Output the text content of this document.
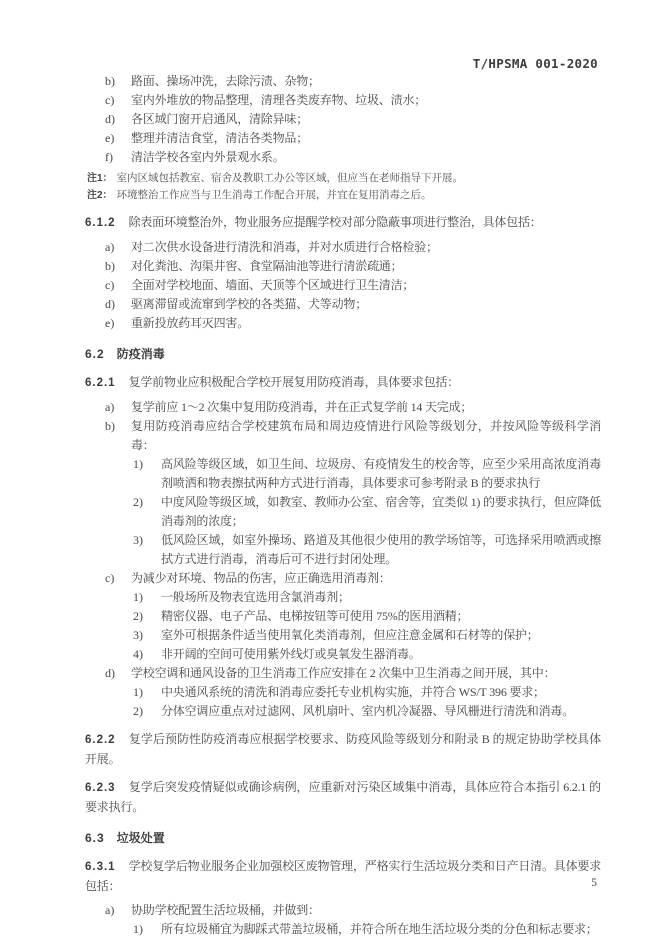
T/HPSMA 001-2020
b)	路面、操场冲洗，去除污渍、杂物；
c)	室内外堆放的物品整理，清理各类废弃物、垃圾、渍水；
d)	各区域门窗开启通风，清除异味；
e)	整理并清洁食堂，清洁各类物品；
f)	清洁学校各室内外景观水系。
注1： 室内区域包括教室、宿舍及教职工办公等区域，但应当在老师指导下开展。
注2： 环境整治工作应当与卫生消毒工作配合开展，并宜在复用消毒之后。

6.1.2 除表面环境整治外，物业服务应提醒学校对部分隐蔽事项进行整治，具体包括：

a)	对二次供水设备进行清洗和消毒，并对水质进行合格检验；
b)	对化粪池、沟渠井窖、食堂隔油池等进行清淤疏通；
c)	全面对学校地面、墙面、天顶等个区域进行卫生清洁；
d)	驱离滞留或流窜到学校的各类猫、犬等动物；
e)	重新投放药耳灭四害。

6.2 防疫消毒

6.2.1 复学前物业应积极配合学校开展复用防疫消毒，具体要求包括：

a)	复学前应 1～2 次集中复用防疫消毒，并在正式复学前 14 天完成；
b)	复用防疫消毒应结合学校建筑布局和周边疫情进行风险等级划分，并按风险等级科学消毒：
1)	高风险等级区域，如卫生间、垃圾房、有疫情发生的校舍等，应至少采用高浓度消毒剂喷洒和物表擦拭两种方式进行消毒，具体要求可参考附录 B 的要求执行
2)	中度风险等级区域，如教室、教师办公室、宿舍等，宜类似 1) 的要求执行，但应降低消毒剂的浓度；
3)	低风险区域，如室外操场、路道及其他很少使用的教学场馆等，可选择采用喷洒或擦拭方式进行消毒，消毒后可不进行封闭处理。
c)	为减少对环境、物品的伤害，应正确选用消毒剂：
1)	一般场所及物表宜选用含氯消毒剂；
2)	精密仪器、电子产品、电梯按钮等可使用 75%的医用酒精；
3)	室外可根据条件适当使用氧化类消毒剂，但应注意金属和石材等的保护；
4)	非开阔的空间可使用紫外线灯或臭氧发生器消毒。
d)	学校空调和通风设备的卫生消毒工作应安排在 2 次集中卫生消毒之间开展，其中：
1)	中央通风系统的清洗和消毒应委托专业机构实施，并符合 WS/T 396 要求；
2)	分体空调应重点对过滤网、风机扇叶、室内机冷凝器、导风栅进行清洗和消毒。

6.2.2 复学后预防性防疫消毒应根据学校要求、防疫风险等级划分和附录 B 的规定协助学校具体开展。

6.2.3 复学后突发疫情疑似或确诊病例，应重新对污染区域集中消毒，具体应符合本指引 6.2.1 的要求执行。

6.3 垃圾处置

6.3.1 学校复学后物业服务企业加强校区废物管理，严格实行生活垃圾分类和日产日清。具体要求包括：

a)	协助学校配置生活垃圾桶，并做到：
1)	所有垃圾桶宜为脚踩式带盖垃圾桶，并符合所在地生活垃圾分类的分色和标志要求；
5
